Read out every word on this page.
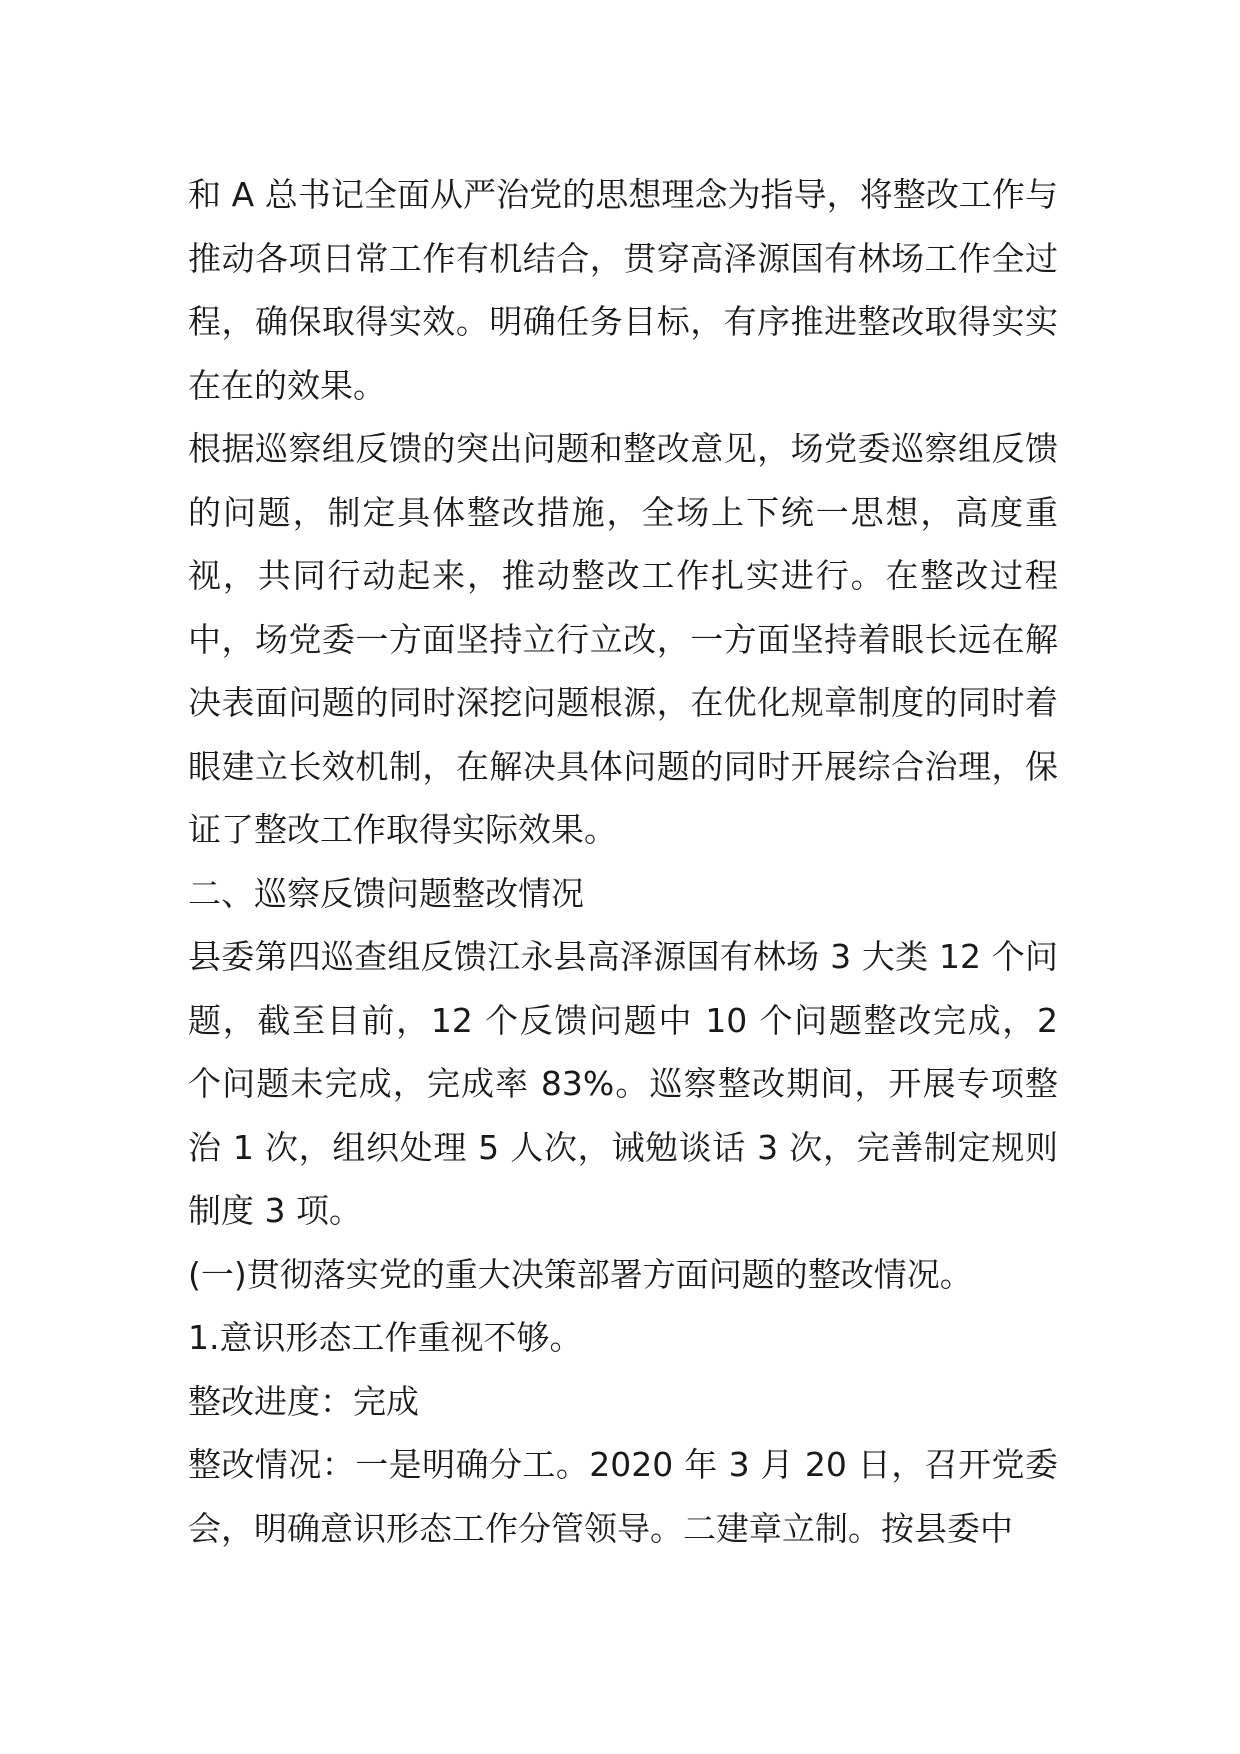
和 A 总书记全面从严治党的思想理念为指导，将整改工作与推动各项日常工作有机结合，贯穿高泽源国有林场工作全过程，确保取得实效。明确任务目标，有序推进整改取得实实在在的效果。

根据巡察组反馈的突出问题和整改意见，场党委巡察组反馈的问题，制定具体整改措施，全场上下统一思想，高度重视，共同行动起来，推动整改工作扎实进行。在整改过程中，场党委一方面坚持立行立改，一方面坚持着眼长远在解决表面问题的同时深挖问题根源，在优化规章制度的同时着眼建立长效机制，在解决具体问题的同时开展综合治理，保证了整改工作取得实际效果。

二、巡察反馈问题整改情况

县委第四巡查组反馈江永县高泽源国有林场 3 大类 12 个问题，截至目前，12 个反馈问题中 10 个问题整改完成，2 个问题未完成，完成率 83%。巡察整改期间，开展专项整治 1 次，组织处理 5 人次，诫勉谈话 3 次，完善制定规则制度 3 项。

(一)贯彻落实党的重大决策部署方面问题的整改情况。

1.意识形态工作重视不够。

整改进度：完成

整改情况：一是明确分工。2020 年 3 月 20 日，召开党委会，明确意识形态工作分管领导。二建章立制。按县委中
